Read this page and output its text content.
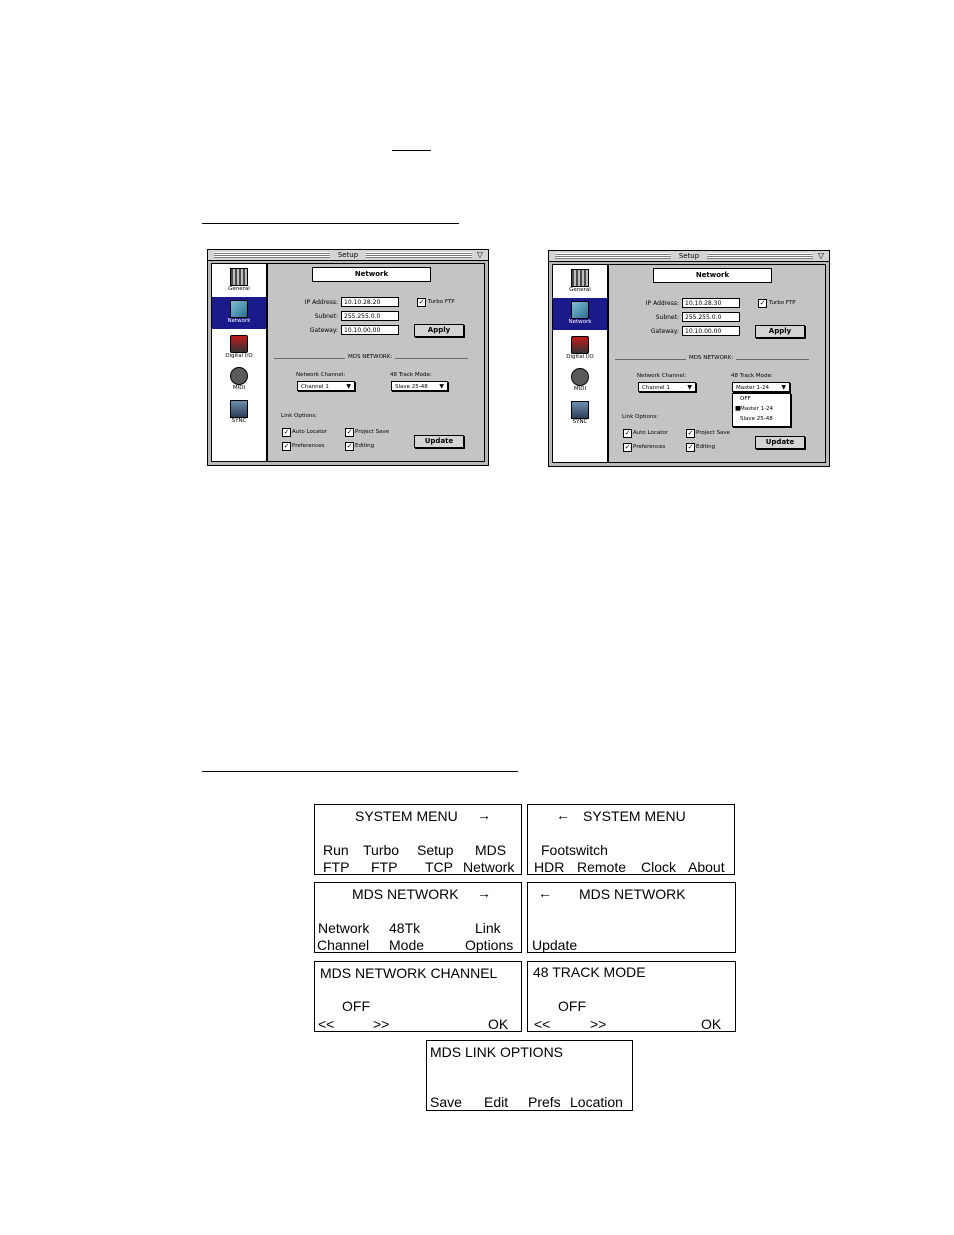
Setup	▽
General
Network
Digital I/O
MIDI
SYNC
Network
IP Address:	10.10.28.20
Subnet:	255.255.0.0
Gateway:	10.10.00.00
✓ Turbo FTP
Apply
MDS NETWORK:
Network Channel:
Channel 1	▼
48 Track Mode:
Slave 25-48 ▼
Link Options:
✓ Auto Locator	✓ Project Save
✓ Preferences	✓ Editing
Update
Setup	▽
General
Network
Digital I/O
MIDI
SYNC
Network
IP Address:	10.10.28.30
Subnet:	255.255.0.0
Gateway:	10.10.00.00
✓ Turbo FTP
Apply
MDS NETWORK:
Network Channel:
Channel 1	▼
48 Track Mode:
Master 1-24 ▼
OFF
■ Master 1-24
Slave 25-48
Link Options:
✓ Auto Locator	✓ Project Save
✓ Preferences	✓ Editing
Update
SYSTEM MENU →
Run Turbo Setup MDS
FTP FTP TCP Network
← SYSTEM MENU
Footswitch
HDR Remote Clock About
MDS NETWORK →
Network 48Tk	Link
Channel Mode	Options
← MDS NETWORK
Update
MDS NETWORK CHANNEL
OFF
<<	>>	OK
48 TRACK MODE
OFF
<<	>>	OK
MDS LINK OPTIONS
Save Edit Prefs Location
